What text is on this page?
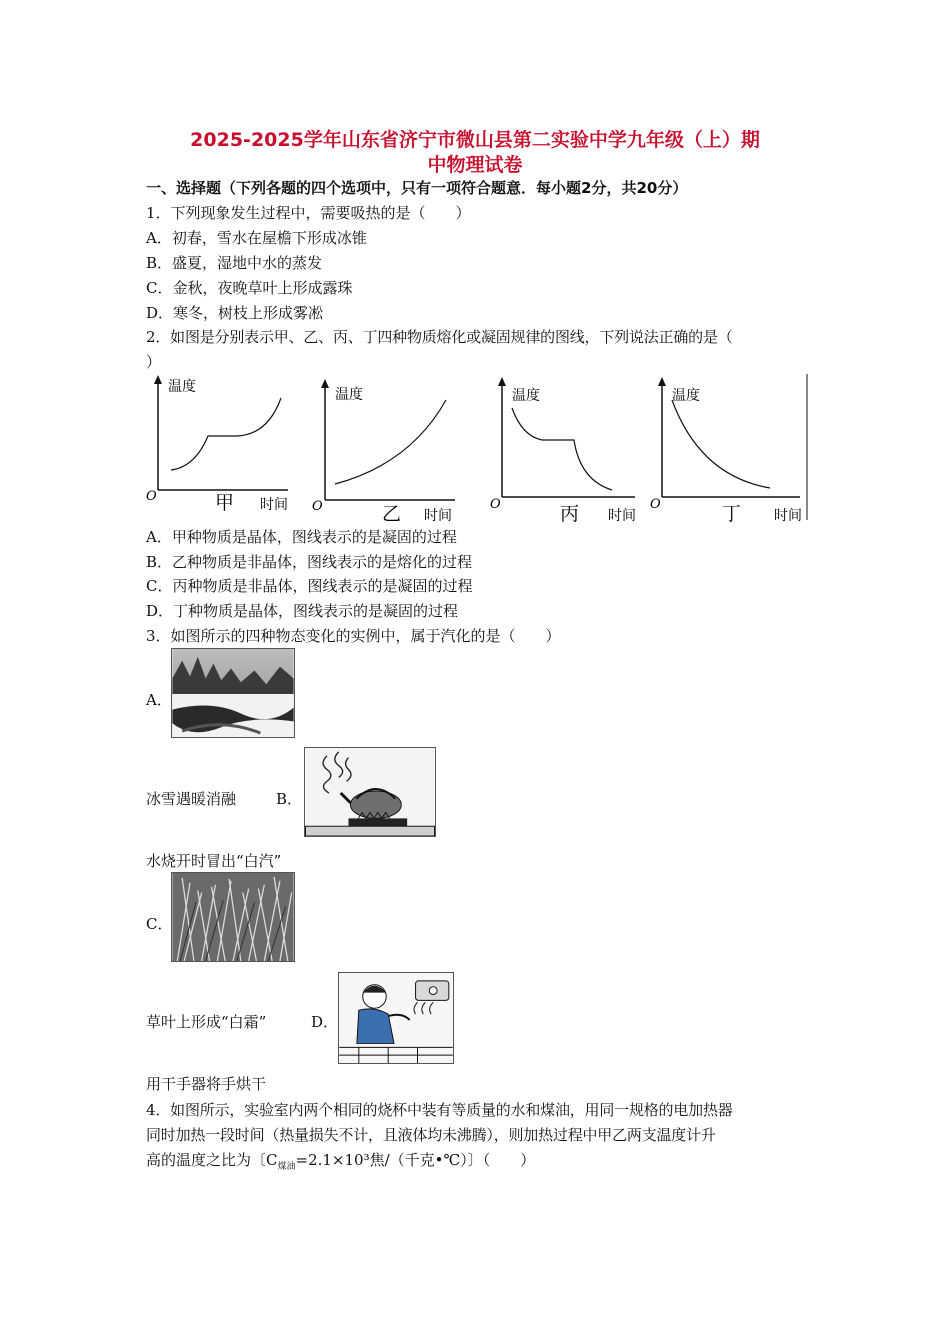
2025-2025学年山东省济宁市微山县第二实验中学九年级（上）期
中物理试卷
一、选择题（下列各题的四个选项中，只有一项符合题意．每小题2分，共20分）
1．下列现象发生过程中，需要吸热的是（　　）
A．初春，雪水在屋檐下形成冰锥
B．盛夏，湿地中水的蒸发
C．金秋，夜晚草叶上形成露珠
D．寒冬，树枝上形成雾凇
2．如图是分别表示甲、乙、丙、丁四种物质熔化或凝固规律的图线，下列说法正确的是（
）
温度
O	甲 时间
温度
O	乙 时间
温度
O	丙 时间
温度
O	丁 时间
A．甲种物质是晶体，图线表示的是凝固的过程
B．乙种物质是非晶体，图线表示的是熔化的过程
C．丙种物质是非晶体，图线表示的是凝固的过程
D．丁种物质是晶体，图线表示的是凝固的过程
3．如图所示的四种物态变化的实例中，属于汽化的是（　　）
A．
冰雪遇暖消融	B．
水烧开时冒出“白汽”
C．
草叶上形成“白霜”	D．
用干手器将手烘干
4．如图所示，实验室内两个相同的烧杯中装有等质量的水和煤油，用同一规格的电加热器
同时加热一段时间（热量损失不计，且液体均未沸腾），则加热过程中甲乙两支温度计升
高的温度之比为〔$C_{煤油}=2.1\times 10^3$焦/（千克•℃）〕（　　）
